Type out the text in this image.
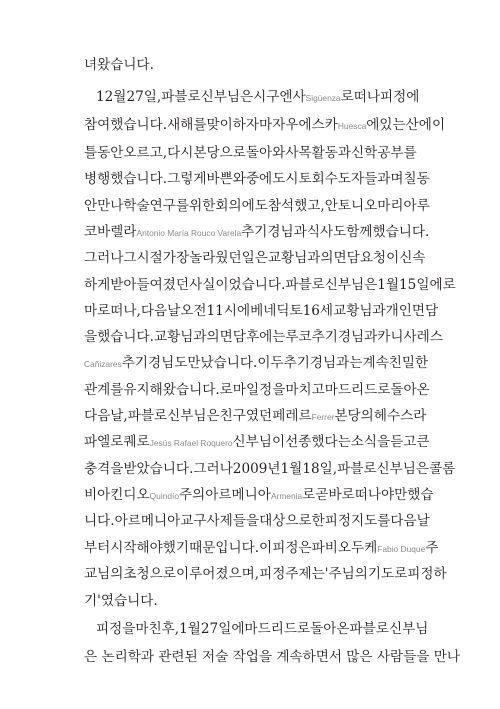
녀왔습니다.
12월 27일, 파블로 신부님은 시구엔사 Sigüenza 로 떠나 피정에
참여했습니다. 새해를 맞이하자마자 우에스카 Huesca 에 있는 산에 이
틀 동안 오르고, 다시 본당으로 돌아와 사목 활동과 신학 공부를
병행했습니다. 그렇게 바쁜 와중에도 시토회 수도자들과 며칠 동
안 만나 학술 연구를 위한 회의에도 참석했고, 안토니오 마리아 루
코 바렐라 Antonio María Rouco Varela 추기경님과 식사도 함께했습니다.
그러나 그 시절 가장 놀라웠던 일은 교황님과의 면담 요청이 신속
하게 받아들여졌던 사실이었습니다. 파블로 신부님은 1월 15일에 로
마로 떠나, 다음 날 오전 11시에 베네딕토 16세 교황님과 개인 면담
을 했습니다. 교황님과의 면담 후에는 루코 추기경님과 카니사레스
Cañizares 추기경님도 만났습니다. 이 두 추기경님과는 계속 친밀한
관계를 유지해 왔습니다. 로마 일정을 마치고 마드리드로 돌아온
다음 날, 파블로 신부님은 친구였던 페레르 Ferrer 본당의 헤수스 라
파엘 로퀘로 Jesús Rafael Roquero 신부님이 선종했다는 소식을 듣고 큰
충격을 받았습니다. 그러나 2009년 1월 18일, 파블로 신부님은 콜롬
비아 킨디오 Quindío 주의 아르메니아 Armenia 로 곧바로 떠나야만 했습
니다. 아르메니아 교구 사제들을 대상으로 한 피정 지도를 다음 날
부터 시작해야 했기 때문입니다. 이 피정은 파비오 두케 Fabio Duque 주
교님의 초청으로 이루어졌으며, 피정 주제는 '주님의 기도로 피정하
기'였습니다.
피정을 마친 후, 1월 27일에 마드리드로 돌아온 파블로 신부님
은 논리학과 관련된 저술 작업을 계속하면서 많은 사람들을 만나
